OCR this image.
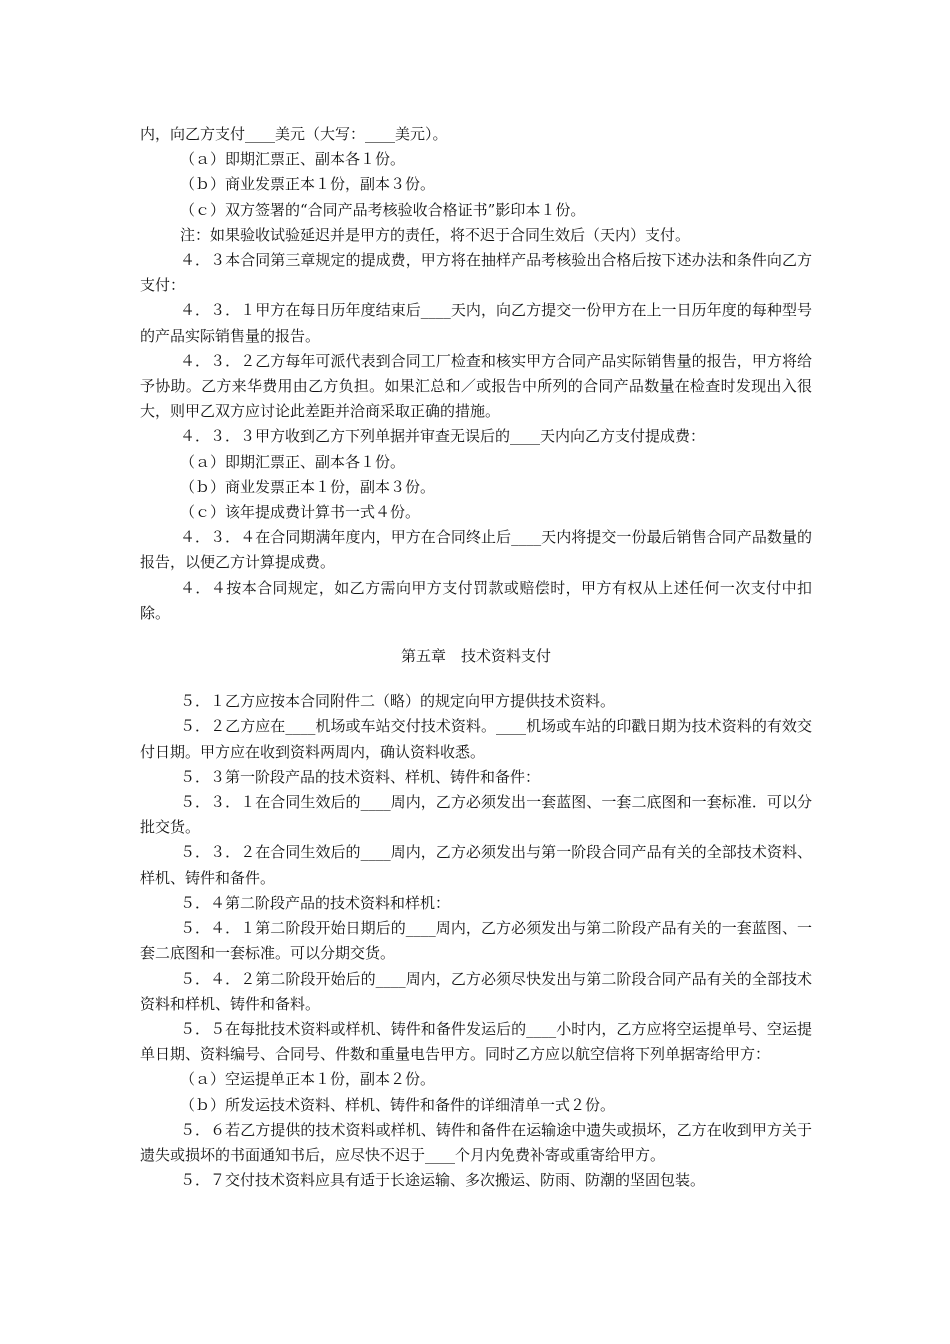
内，向乙方支付____美元（大写：____美元）。

（ａ）即期汇票正、副本各１份。

（ｂ）商业发票正本１份，副本３份。

（ｃ）双方签署的“合同产品考核验收合格证书”影印本１份。

注：如果验收试验延迟并是甲方的责任，将不迟于合同生效后（天内）支付。

４．３本合同第三章规定的提成费，甲方将在抽样产品考核验出合格后按下述办法和条件向乙方支付：

４．３．１甲方在每日历年度结束后____天内，向乙方提交一份甲方在上一日历年度的每种型号的产品实际销售量的报告。

４．３．２乙方每年可派代表到合同工厂检查和核实甲方合同产品实际销售量的报告，甲方将给予协助。乙方来华费用由乙方负担。如果汇总和／或报告中所列的合同产品数量在检查时发现出入很大，则甲乙双方应讨论此差距并洽商采取正确的措施。

４．３．３甲方收到乙方下列单据并审查无误后的____天内向乙方支付提成费：

（ａ）即期汇票正、副本各１份。

（ｂ）商业发票正本１份，副本３份。

（ｃ）该年提成费计算书一式４份。

４．３．４在合同期满年度内，甲方在合同终止后____天内将提交一份最后销售合同产品数量的报告，以便乙方计算提成费。

４．４按本合同规定，如乙方需向甲方支付罚款或赔偿时，甲方有权从上述任何一次支付中扣除。

第五章　技术资料支付

５．１乙方应按本合同附件二（略）的规定向甲方提供技术资料。

５．２乙方应在____机场或车站交付技术资料。____机场或车站的印戳日期为技术资料的有效交付日期。甲方应在收到资料两周内，确认资料收悉。

５．３第一阶段产品的技术资料、样机、铸件和备件：

５．３．１在合同生效后的____周内，乙方必须发出一套蓝图、一套二底图和一套标准．可以分批交货。

５．３．２在合同生效后的____周内，乙方必须发出与第一阶段合同产品有关的全部技术资料、样机、铸件和备件。

５．４第二阶段产品的技术资料和样机：

５．４．１第二阶段开始日期后的____周内，乙方必须发出与第二阶段产品有关的一套蓝图、一套二底图和一套标准。可以分期交货。

５．４．２第二阶段开始后的____周内，乙方必须尽快发出与第二阶段合同产品有关的全部技术资料和样机、铸件和备料。

５．５在每批技术资料或样机、铸件和备件发运后的____小时内，乙方应将空运提单号、空运提单日期、资料编号、合同号、件数和重量电告甲方。同时乙方应以航空信将下列单据寄给甲方：

（ａ）空运提单正本１份，副本２份。

（ｂ）所发运技术资料、样机、铸件和备件的详细清单一式２份。

５．６若乙方提供的技术资料或样机、铸件和备件在运输途中遗失或损坏，乙方在收到甲方关于遗失或损坏的书面通知书后，应尽快不迟于____个月内免费补寄或重寄给甲方。

５．７交付技术资料应具有适于长途运输、多次搬运、防雨、防潮的坚固包装。
